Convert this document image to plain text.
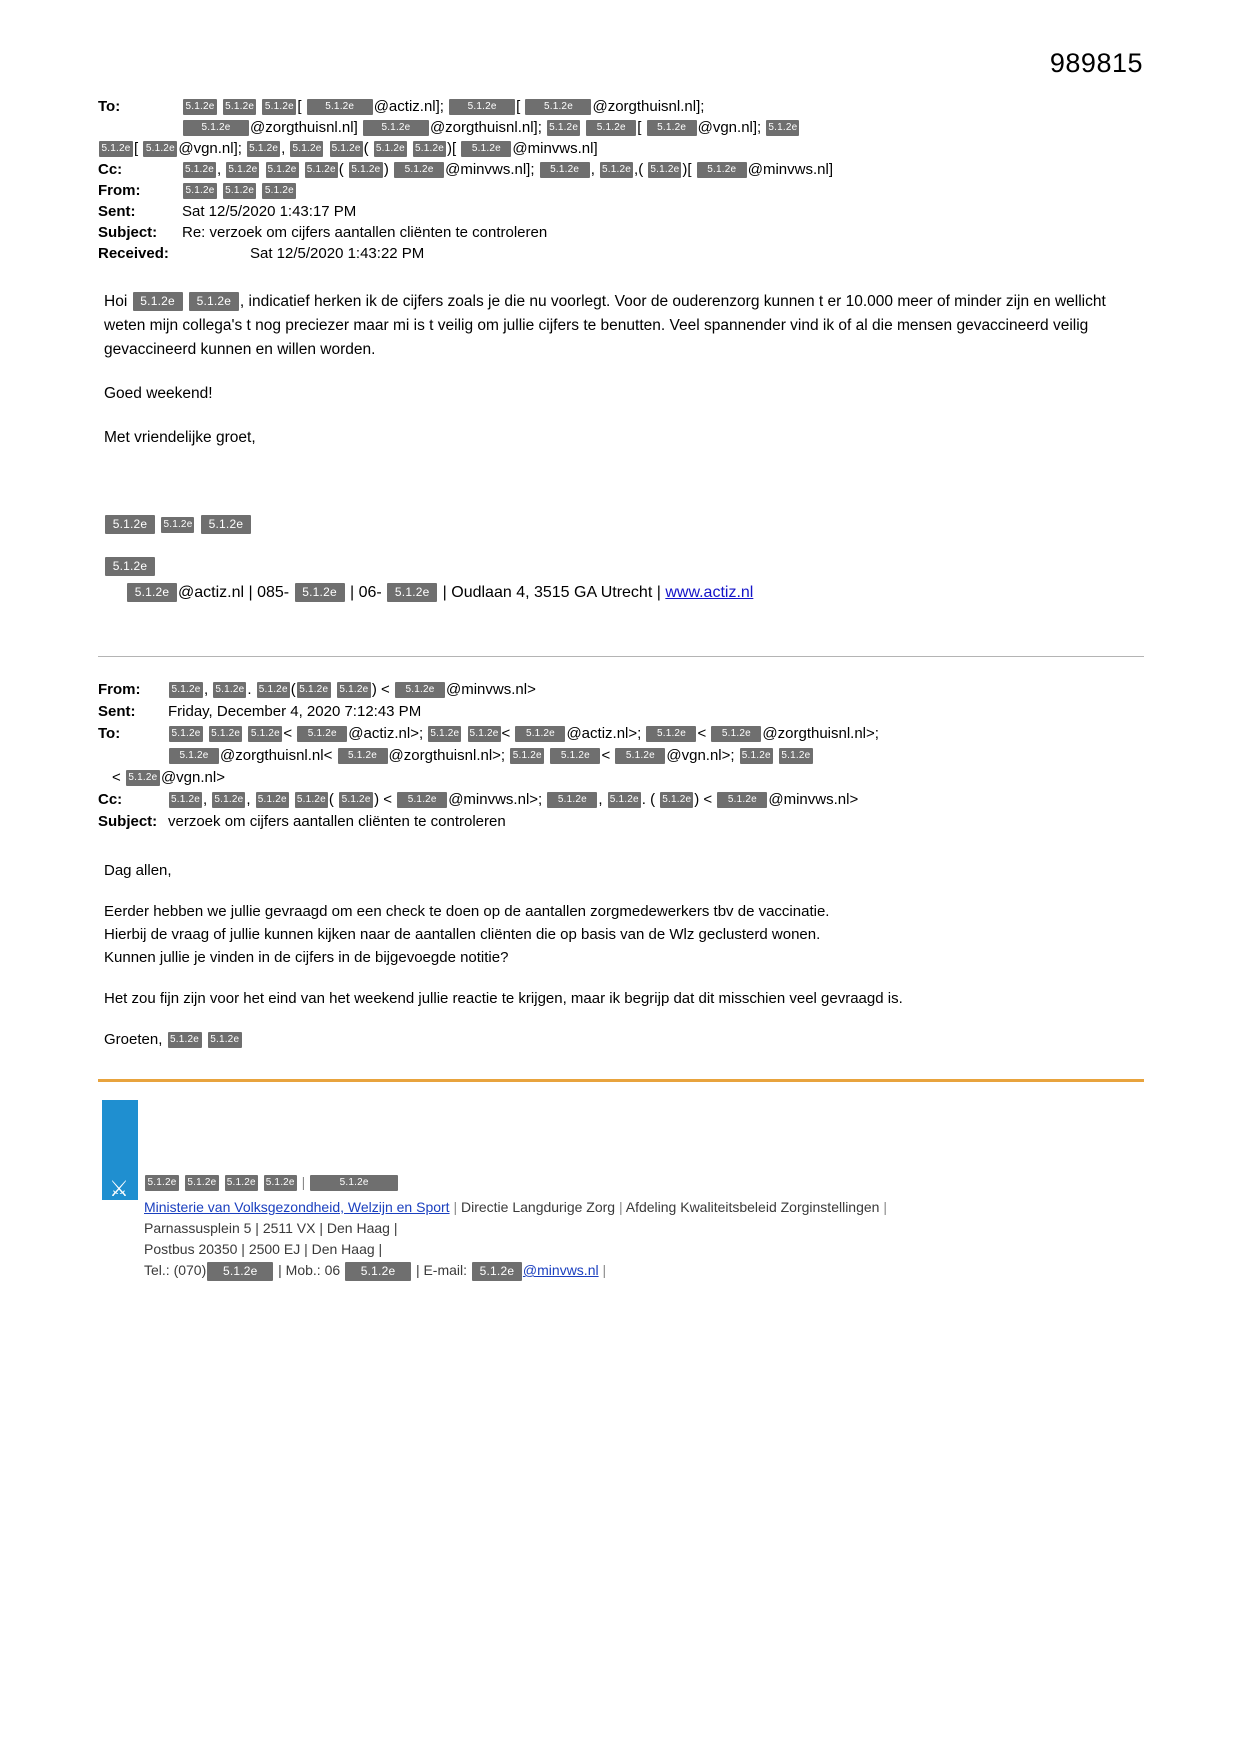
989815
To:	5.1.2e 5.1.2e 5.1.2e [ 5.1.2e @actiz.nl]; 5.1.2e [ 5.1.2e @zorgthuisnl.nl];
5.1.2e @zorgthuisnl.nl] 5.1.2e @zorgthuisnl.nl]; 5.1.2e 5.1.2e [ 5.1.2e @vgn.nl]; 5.1.2e
5.1.2e [ 5.1.2e @vgn.nl]; 5.1.2e , 5.1.2e 5.1.2e ( 5.1.2e 5.1.2e )[ 5.1.2e @minvws.nl]
Cc:	5.1.2e , 5.1.2e 5.1.2e 5.1.2e ( 5.1.2e ) 5.1.2e @minvws.nl]; 5.1.2e , 5.1.2e ,( 5.1.2e )[ 5.1.2e @minvws.nl]
From:	5.1.2e 5.1.2e 5.1.2e
Sent:	Sat 12/5/2020 1:43:17 PM
Subject:	Re: verzoek om cijfers aantallen cliënten te controleren
Received:	Sat 12/5/2020 1:43:22 PM
Hoi 5.1.2e 5.1.2e , indicatief herken ik de cijfers zoals je die nu voorlegt. Voor de ouderenzorg kunnen t er 10.000 meer of minder zijn en wellicht weten mijn collega's t nog preciezer maar mi is t veilig om jullie cijfers te benutten. Veel spannender vind ik of al die mensen gevaccineerd veilig gevaccineerd kunnen en willen worden.
Goed weekend!
Met vriendelijke groet,
5.1.2e 5.1.2e 5.1.2e
5.1.2e
5.1.2e @actiz.nl | 085- 5.1.2e | 06- 5.1.2e | Oudlaan 4, 3515 GA Utrecht | www.actiz.nl
From:	5.1.2e , 5.1.2e . 5.1.2e ( 5.1.2e 5.1.2e ) < 5.1.2e @minvws.nl>
Sent:	Friday, December 4, 2020 7:12:43 PM
To:	5.1.2e 5.1.2e 5.1.2e < 5.1.2e @actiz.nl>; 5.1.2e 5.1.2e < 5.1.2e @actiz.nl>; 5.1.2e < 5.1.2e @zorgthuisnl.nl>;
5.1.2e @zorgthuisnl.nl< 5.1.2e @zorgthuisnl.nl>; 5.1.2e 5.1.2e < 5.1.2e @vgn.nl>; 5.1.2e 5.1.2e
< 5.1.2e @vgn.nl>
Cc:	5.1.2e , 5.1.2e , 5.1.2e 5.1.2e ( 5.1.2e ) < 5.1.2e @minvws.nl>; 5.1.2e , 5.1.2e . ( 5.1.2e ) < 5.1.2e @minvws.nl>
Subject: verzoek om cijfers aantallen cliënten te controleren
Dag allen,
Eerder hebben we jullie gevraagd om een check te doen op de aantallen zorgmedewerkers tbv de vaccinatie.
Hierbij de vraag of jullie kunnen kijken naar de aantallen cliënten die op basis van de Wlz geclusterd wonen.
Kunnen jullie je vinden in de cijfers in de bijgevoegde notitie?
Het zou fijn zijn voor het eind van het weekend jullie reactie te krijgen, maar ik begrijp dat dit misschien veel gevraagd is.
Groeten, 5.1.2e 5.1.2e
⚔	5.1.2e 5.1.2e 5.1.2e 5.1.2e |	5.1.2e
Ministerie van Volksgezondheid, Welzijn en Sport | Directie Langdurige Zorg | Afdeling Kwaliteitsbeleid Zorginstellingen |
Parnassusplein 5 | 2511 VX | Den Haag |
Postbus 20350 | 2500 EJ | Den Haag |
Tel.: (070) 5.1.2e | Mob.: 06 5.1.2e | E-mail: 5.1.2e @minvws.nl |
